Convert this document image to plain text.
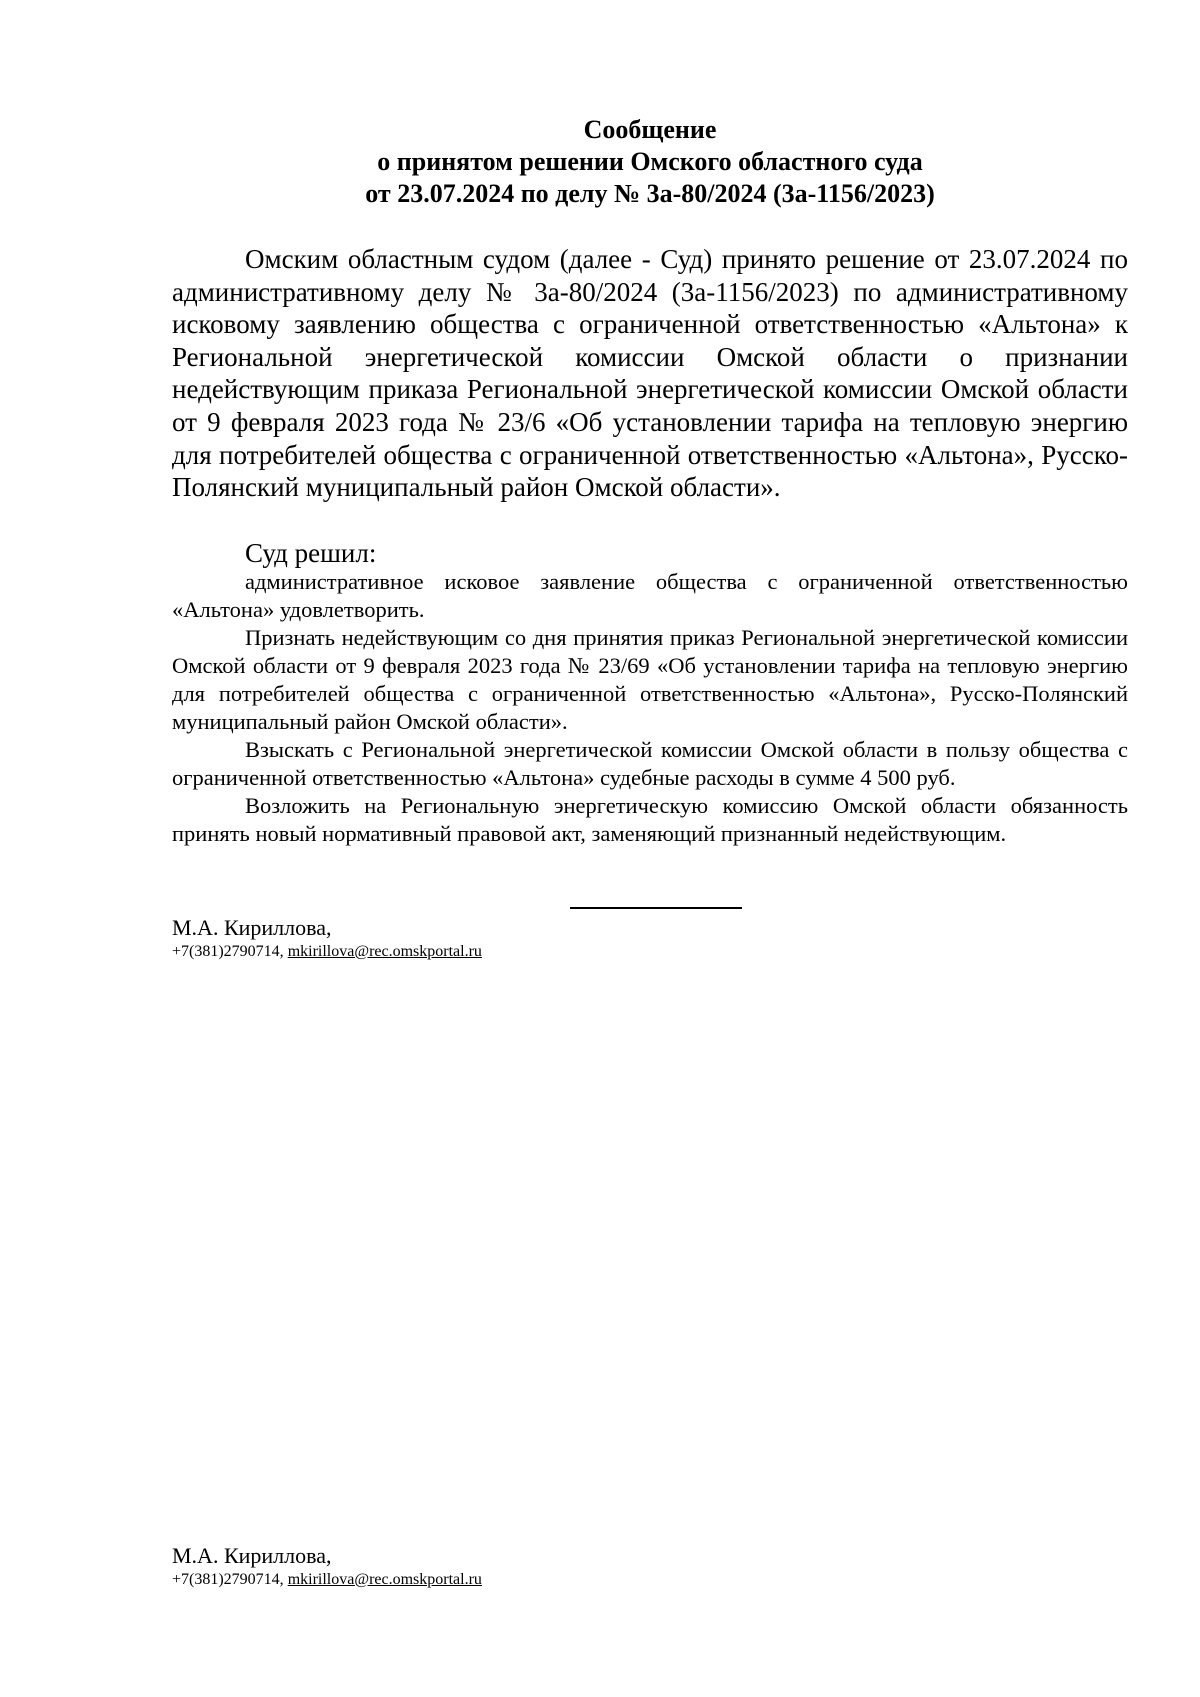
Сообщение
о принятом решении Омского областного суда
от 23.07.2024 по делу № 3а-80/2024 (3а-1156/2023)

Омским областным судом (далее - Суд) принято решение от 23.07.2024 по административному делу № 3а-80/2024 (3а-1156/2023) по административному исковому заявлению общества с ограниченной ответственностью «Альтона» к Региональной энергетической комиссии Омской области о признании недействующим приказа Региональной энергетической комиссии Омской области от 9 февраля 2023 года № 23/6 «Об установлении тарифа на тепловую энергию для потребителей общества с ограниченной ответственностью «Альтона», Русско-Полянский муниципальный район Омской области».

Суд решил:

административное исковое заявление общества с ограниченной ответственностью «Альтона» удовлетворить.

Признать недействующим со дня принятия приказ Региональной энергетической комиссии Омской области от 9 февраля 2023 года № 23/69 «Об установлении тарифа на тепловую энергию для потребителей общества с ограниченной ответственностью «Альтона», Русско-Полянский муниципальный район Омской области».

Взыскать с Региональной энергетической комиссии Омской области в пользу общества с ограниченной ответственностью «Альтона» судебные расходы в сумме 4 500 руб.

Возложить на Региональную энергетическую комиссию Омской области обязанность принять новый нормативный правовой акт, заменяющий признанный недействующим.

М.А. Кириллова,

+7(381)2790714, mkirillova@rec.omskportal.ru

М.А. Кириллова,

+7(381)2790714, mkirillova@rec.omskportal.ru
